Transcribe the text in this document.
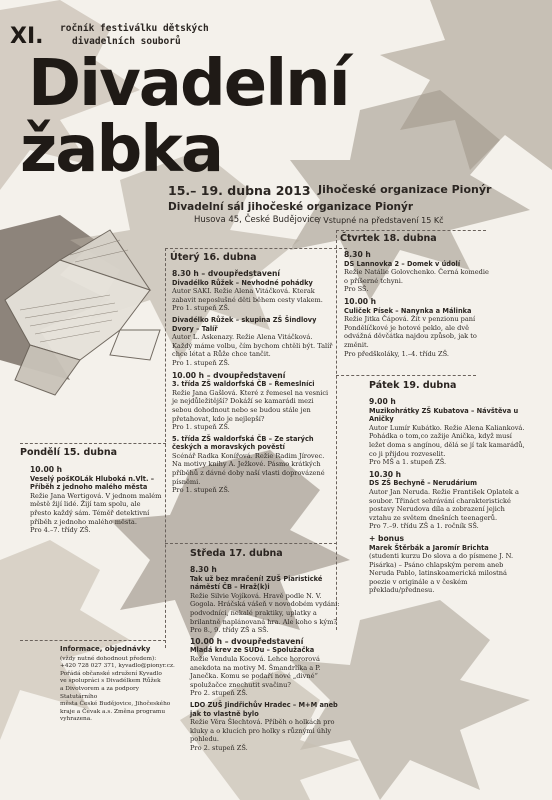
XI. ročník festiválku dětských
divadelních souborů
Divadelní
žabka
15.– 19. dubna 2013 Jihočeské organizace Pionýr
Divadelní sál jihočeské organizace Pionýr
/ Vstupné na představení 15 Kč
Husova 45, České Budějovice
Pondělí 15. dubna
10.00 h
Veselý pošKOLák Hluboká n.Vlt. – Příběh z jednoho malého města
Režie Jana Wertigová. V jednom malém městě žijí lidé. Žijí tam spolu, ale přesto každý sám. Téměř detektivní příběh z jednoho malého města.
Pro 4.–7. třídy ZŠ.
Úterý 16. dubna
8.30 h – dvoupředstavení
Divadélko Růžek – Nevhodné pohádky
Autor SAKI. Režie Alena Vitáčková. Kterak zabavit neposlušné děti během cesty vlakem.
Pro 1. stupeň ZŠ.
Divadélko Růžek – skupina ZŠ Šindlovy Dvory – Talíř
Autor L. Askenazy. Režie Alena Vitáčková. Každý máme volbu, čím bychom chtěli být. Talíř chce létat a Růže chce tančit.
Pro 1. stupeň ZŠ.
10.00 h – dvoupředstavení
3. třída ZŠ waldorfská ČB – Řemeslníci
Režie Jana Gašlová. Které z řemesel na vesnici je nejdůležitější? Dokáží se kamarádi mezi sebou dohodnout nebo se budou stále jen přetahovat, kdo je nejlepší?
Pro 1. stupeň ZŠ.
5. třída ZŠ waldorfská ČB – Ze starých českých a moravských pověstí
Scénář Radka Konířová. Režie Radim Jírovec. Na motivy knihy A. Ježkové. Pásmo krátkých příběhů z dávné doby naší vlasti doprovázené písněmi.
Pro 1. stupeň ZŠ.
Středa 17. dubna
8.30 h
Tak už bez mračení! ZUŠ Piaristické náměstí ČB – Hraž(k)i
Režie Silvie Vojíková. Hravě podle N. V. Gogola. Hráčská vášeň v novodobém vydání: podvodníci, nekalé praktiky, uplatky a brilantně naplánovaná hra. Ale koho s kým?
Pro 8., 9. třídy ZŠ a SŠ.
10.00 h – dvoupředstavení
Mladá krev ze SUDu – Spolužačka
Režie Vendula Kocová. Lehce hororová anekdota na motivy M. Šmandrlíka a P. Janečka. Komu se podaří nové „divné“ spolužačce znechutit svačinu?
Pro 2. stupeň ZŠ.
LDO ZUŠ Jindřichův Hradec – M+M aneb jak to vlastně bylo
Režie Věra Šlechtová. Příběh o holkách pro kluky a o klucích pro holky s různými úhly pohledu.
Pro 2. stupeň ZŠ.
Čtvrtek 18. dubna
8.30 h
DS Lannovka 2 – Domek v údolí
Režie Natálie Golovchenko. Černá komedie o příšerné tchyni.
Pro SŠ.
10.00 h
Culiček Písek – Nanynka a Málinka
Režie Jitka Čápová. Žít v penzionu paní Pondělíčkové je hotové peklo, ale dvě odvážná děvčátka najdou způsob, jak to změnit.
Pro předškoláky, 1.–4. třídu ZŠ.
Pátek 19. dubna
9.00 h
Muzikohrátky ZŠ Kubatova – Návštěva u Aničky
Autor Lumír Kubátko. Režie Alena Kalianková. Pohádka o tom,co zažije Anička, když musí ležet doma s angínou, dělá se jí tak kamarádů, co ji přijdou rozveselit.
Pro MŠ a 1. stupeň ZŠ.
10.30 h
DS ZŠ Bechyně – Nerudárium
Autor Jan Neruda. Režie František Oplatek a soubor. Třináct sehrávání charakteristické postavy Nerudova díla a zobrazení jejich vztahu ze světem dnešních teenagerů.
Pro 7.–9. třídu ZŠ a 1. ročník SŠ.
+ bonus
Marek Štěrbák a Jaromír Brichta
(studenti kurzu Do slova a do písmene J. N. Pisárka) – Psáno chlapským perem aneb Neruda Pablo, latinskoamerická milostná poezie v originále a v českém překladu/přednesu.
Informace, objednávky
(vždy nutné dohodnout předem):
+420 728 027 371, kyvadlo@pionyr.cz.
Pořádá občanské sdružení Kyvadlo
ve spolupráci s Divadélkem Růžek
a Divotvorem a za podpory Statutárního
města České Budějovice, Jihočeského
kraje a Čevak a.s. Změna programu
vyhrazena.
